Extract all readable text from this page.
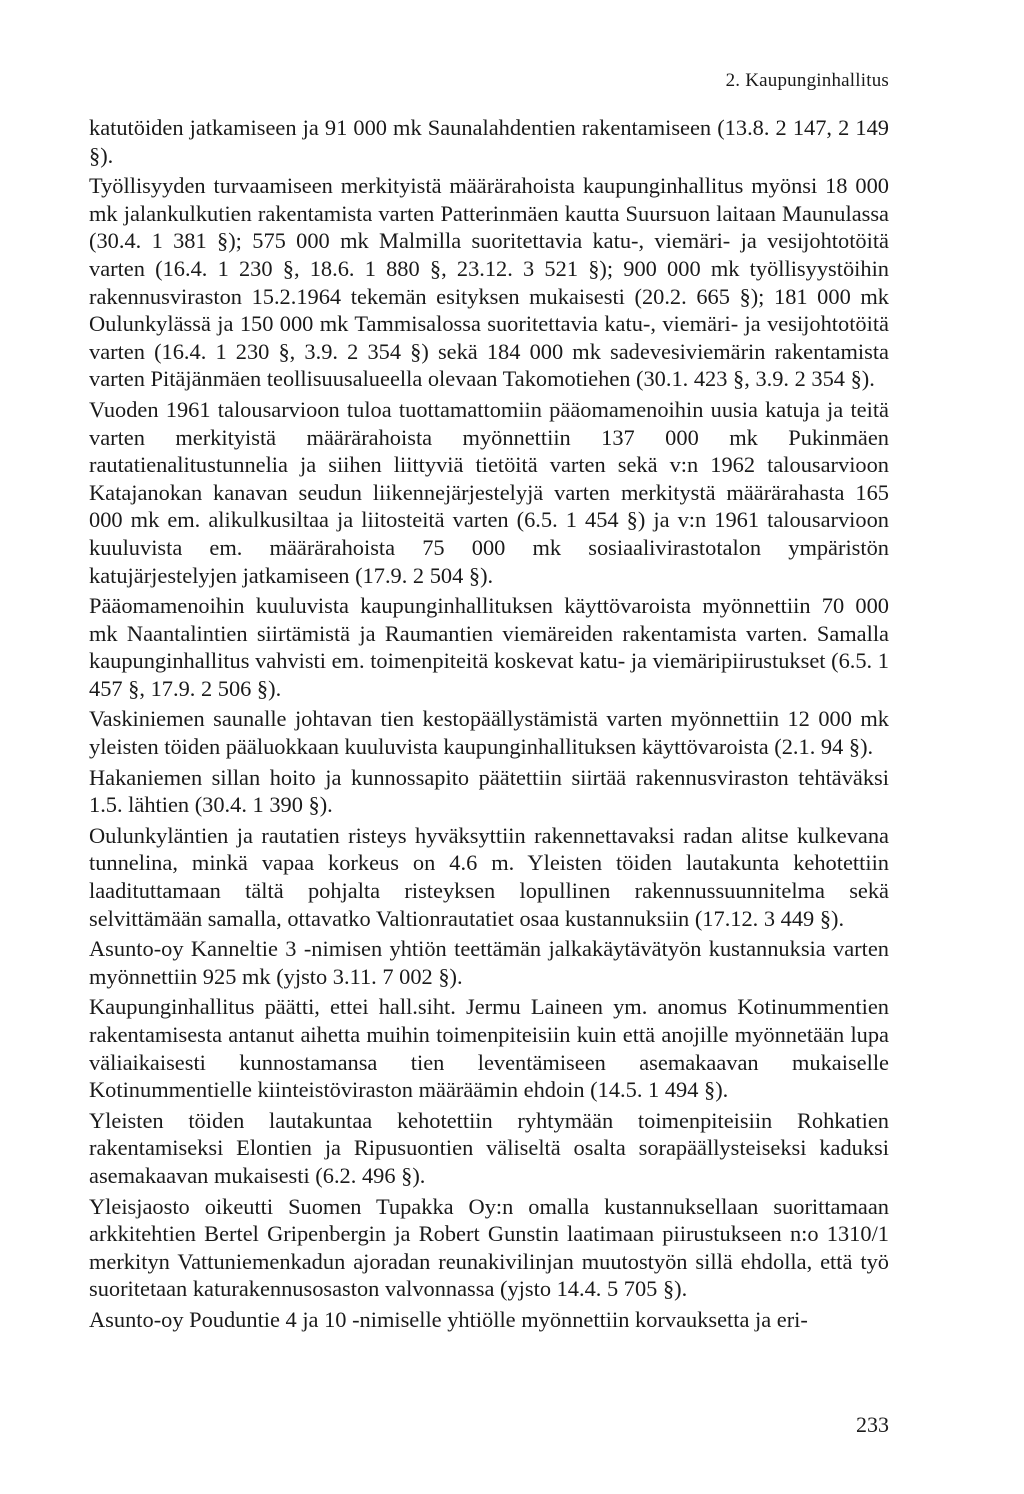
2. Kaupunginhallitus

katutöiden jatkamiseen ja 91 000 mk Saunalahdentien rakentamiseen (13.8. 2 147, 2 149 §).

Työllisyyden turvaamiseen merkityistä määrärahoista kaupunginhallitus myönsi 18 000 mk jalankulkutien rakentamista varten Patterinmäen kautta Suursuon laitaan Maunulassa (30.4. 1 381 §); 575 000 mk Malmilla suoritettavia katu-, viemäri- ja vesijohtotöitä varten (16.4. 1 230 §, 18.6. 1 880 §, 23.12. 3 521 §); 900 000 mk työllisyystöihin rakennusviraston 15.2.1964 tekemän esityksen mukaisesti (20.2. 665 §); 181 000 mk Oulunkylässä ja 150 000 mk Tammisalossa suoritettavia katu-, viemäri- ja vesijohtotöitä varten (16.4. 1 230 §, 3.9. 2 354 §) sekä 184 000 mk sadevesiviemärin rakentamista varten Pitäjänmäen teollisuusalueella olevaan Takomotiehen (30.1. 423 §, 3.9. 2 354 §).

Vuoden 1961 talousarvioon tuloa tuottamattomiin pääomamenoihin uusia katuja ja teitä varten merkityistä määrärahoista myönnettiin 137 000 mk Pukinmäen rautatienalitustunnelia ja siihen liittyviä tietöitä varten sekä v:n 1962 talousarvioon Katajanokan kanavan seudun liikennejärjestelyjä varten merkitystä määrärahasta 165 000 mk em. alikulkusiltaa ja liitosteitä varten (6.5. 1 454 §) ja v:n 1961 talousarvioon kuuluvista em. määrärahoista 75 000 mk sosiaalivirastotalon ympäristön katujärjestelyjen jatkamiseen (17.9. 2 504 §).

Pääomamenoihin kuuluvista kaupunginhallituksen käyttövaroista myönnettiin 70 000 mk Naantalintien siirtämistä ja Raumantien viemäreiden rakentamista varten. Samalla kaupunginhallitus vahvisti em. toimenpiteitä koskevat katu- ja viemäripiirustukset (6.5. 1 457 §, 17.9. 2 506 §).

Vaskiniemen saunalle johtavan tien kestopäällystämistä varten myönnettiin 12 000 mk yleisten töiden pääluokkaan kuuluvista kaupunginhallituksen käyttövaroista (2.1. 94 §).

Hakaniemen sillan hoito ja kunnossapito päätettiin siirtää rakennusviraston tehtäväksi 1.5. lähtien (30.4. 1 390 §).

Oulunkyläntien ja rautatien risteys hyväksyttiin rakennettavaksi radan alitse kulkevana tunnelina, minkä vapaa korkeus on 4.6 m. Yleisten töiden lautakunta kehotettiin laadituttamaan tältä pohjalta risteyksen lopullinen rakennussuunnitelma sekä selvittämään samalla, ottavatko Valtionrautatiet osaa kustannuksiin (17.12. 3 449 §).

Asunto-oy Kanneltie 3 -nimisen yhtiön teettämän jalkakäytävätyön kustannuksia varten myönnettiin 925 mk (yjsto 3.11. 7 002 §).

Kaupunginhallitus päätti, ettei hall.siht. Jermu Laineen ym. anomus Kotinummentien rakentamisesta antanut aihetta muihin toimenpiteisiin kuin että anojille myönnetään lupa väliaikaisesti kunnostamansa tien leventämiseen asemakaavan mukaiselle Kotinummentielle kiinteistöviraston määräämin ehdoin (14.5. 1 494 §).

Yleisten töiden lautakuntaa kehotettiin ryhtymään toimenpiteisiin Rohkatien rakentamiseksi Elontien ja Ripusuontien väliseltä osalta sorapäällysteiseksi kaduksi asemakaavan mukaisesti (6.2. 496 §).

Yleisjaosto oikeutti Suomen Tupakka Oy:n omalla kustannuksellaan suorittamaan arkkitehtien Bertel Gripenbergin ja Robert Gunstin laatimaan piirustukseen n:o 1310/1 merkityn Vattuniemenkadun ajoradan reunakivilinjan muutostyön sillä ehdolla, että työ suoritetaan katurakennusosaston valvonnassa (yjsto 14.4. 5 705 §).

Asunto-oy Pouduntie 4 ja 10 -nimiselle yhtiölle myönnettiin korvauksetta ja eri-

233
